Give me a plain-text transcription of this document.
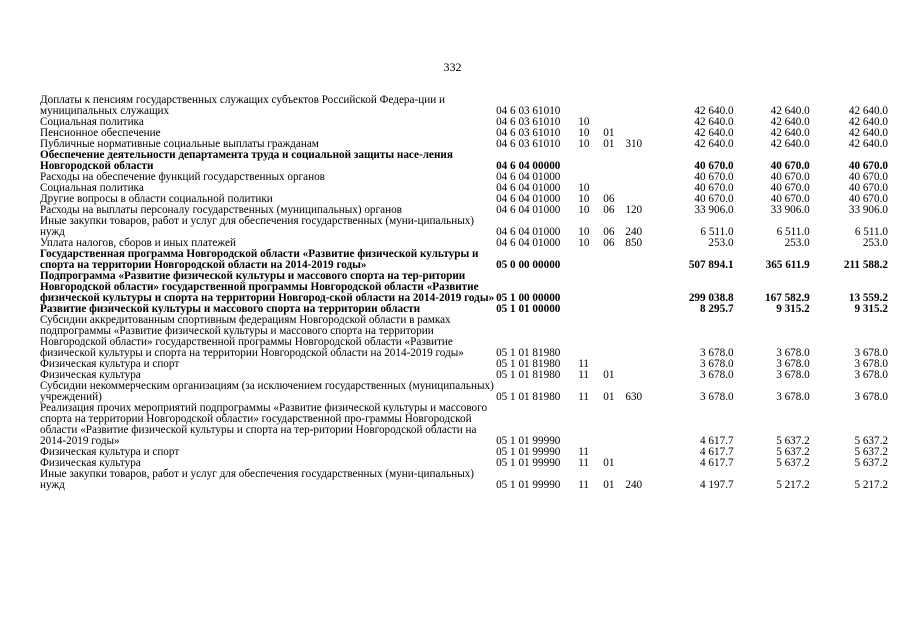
332
Доплаты к пенсиям государственных служащих субъектов Российской Федера-ции и муниципальных служащих	04 6 03 61010				42 640.0	42 640.0	42 640.0
Социальная политика	04 6 03 61010	10			42 640.0	42 640.0	42 640.0
Пенсионное обеспечение	04 6 03 61010	10	01		42 640.0	42 640.0	42 640.0
Публичные нормативные социальные выплаты гражданам	04 6 03 61010	10	01	310	42 640.0	42 640.0	42 640.0
Обеспечение деятельности департамента труда и социальной защиты насе-ления Новгородской области	04 6 04 00000				40 670.0	40 670.0	40 670.0
Расходы на обеспечение функций государственных органов	04 6 04 01000				40 670.0	40 670.0	40 670.0
Социальная политика	04 6 04 01000	10			40 670.0	40 670.0	40 670.0
Другие вопросы в области социальной политики	04 6 04 01000	10	06		40 670.0	40 670.0	40 670.0
Расходы на выплаты персоналу государственных (муниципальных) органов	04 6 04 01000	10	06	120	33 906.0	33 906.0	33 906.0
Иные закупки товаров, работ и услуг для обеспечения государственных (муни-ципальных) нужд	04 6 04 01000	10	06	240	6 511.0	6 511.0	6 511.0
Уплата налогов, сборов и иных платежей	04 6 04 01000	10	06	850	253.0	253.0	253.0
Государственная программа Новгородской области «Развитие физической культуры и спорта на территории Новгородской области на 2014-2019 годы»	05 0 00 00000				507 894.1	365 611.9	211 588.2
Подпрограмма «Развитие физической культуры и массового спорта на тер-ритории Новгородской области» государственной программы Новгородской области «Развитие физической культуры и спорта на территории Новгород-ской области на 2014-2019 годы»	05 1 00 00000				299 038.8	167 582.9	13 559.2
Развитие физической культуры и массового спорта на территории области	05 1 01 00000				8 295.7	9 315.2	9 315.2
Субсидии аккредитованным спортивным федерациям Новгородской области в рамках подпрограммы «Развитие физической культуры и массового спорта на территории Новгородской области» государственной программы Новгородской области «Развитие физической культуры и спорта на территории Новгородской области на 2014-2019 годы»	05 1 01 81980				3 678.0	3 678.0	3 678.0
Физическая культура и спорт	05 1 01 81980	11			3 678.0	3 678.0	3 678.0
Физическая культура	05 1 01 81980	11	01		3 678.0	3 678.0	3 678.0
Субсидии некоммерческим организациям (за исключением государственных (муниципальных) учреждений)	05 1 01 81980	11	01	630	3 678.0	3 678.0	3 678.0
Реализация прочих мероприятий подпрограммы «Развитие физической культуры и массового спорта на территории Новгородской области» государственной про-граммы Новгородской области «Развитие физической культуры и спорта на тер-ритории Новгородской области на 2014-2019 годы»	05 1 01 99990				4 617.7	5 637.2	5 637.2
Физическая культура и спорт	05 1 01 99990	11			4 617.7	5 637.2	5 637.2
Физическая культура	05 1 01 99990	11	01		4 617.7	5 637.2	5 637.2
Иные закупки товаров, работ и услуг для обеспечения государственных (муни-ципальных) нужд	05 1 01 99990	11	01	240	4 197.7	5 217.2	5 217.2
